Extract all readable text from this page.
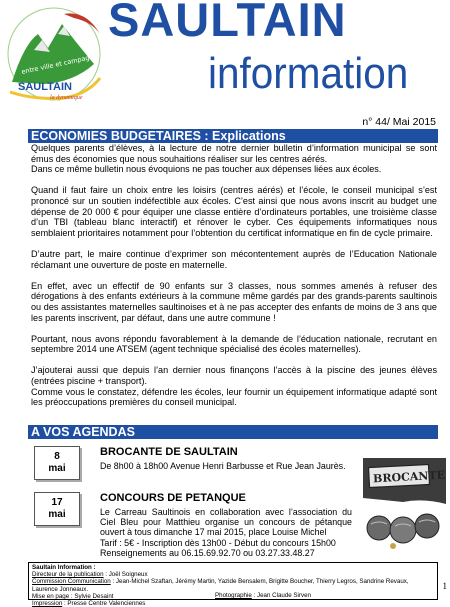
entre ville et campagne
SAULTAIN
la dynamique
SAULTAIN
information
n° 44/ Mai 2015
ECONOMIES BUDGETAIRES : Explications

Quelques parents d’élèves, à la lecture de notre dernier bulletin d’information municipal se sont émus des économies que nous souhaitions réaliser sur les centres aérés.
Dans ce même bulletin nous évoquions ne pas toucher aux dépenses liées aux écoles.

Quand il faut faire un choix entre les loisirs (centres aérés) et l’école, le conseil municipal s’est prononcé sur un soutien indéfectible aux écoles. C’est ainsi que nous avons inscrit au budget une dépense de 20 000 € pour équiper une classe entière d’ordinateurs portables, une troisième classe d’un TBI (tableau blanc interactif) et rénover le cyber. Ces équipements informatiques nous semblaient prioritaires notamment pour l’obtention du certificat informatique en fin de cycle primaire.

D’autre part, le maire continue d’exprimer son mécontentement auprès de l’Education Nationale réclamant une ouverture de poste en maternelle.

En effet, avec un effectif de 90 enfants sur 3 classes, nous sommes amenés à refuser des dérogations à des enfants extérieurs à la commune même gardés par des grands-parents saultinois ou des assistantes maternelles saultinoises et à ne pas accepter des enfants de moins de 3 ans que les parents inscrivent, par défaut, dans une autre commune !

Pourtant, nous avons répondu favorablement à la demande de l’éducation nationale, recrutant en septembre 2014 une ATSEM (agent technique spécialisé des écoles maternelles).

J’ajouterai aussi que depuis l’an dernier nous finançons l’accès à la piscine des jeunes élèves (entrées piscine + transport).
Comme vous le constatez, défendre les écoles, leur fournir un équipement informatique adapté sont les préoccupations premières du conseil municipal.

A VOS AGENDAS
8
mai
BROCANTE DE SAULTAIN
De 8h00 à 18h00 Avenue Henri Barbusse et Rue Jean Jaurès.
17
mai
CONCOURS DE PETANQUE
Le Carreau Saultinois en collaboration avec l’association du Ciel Bleu pour Matthieu organise un concours de pétanque ouvert à tous dimanche 17 mai 2015, place Louise Michel
Tarif : 5€ - Inscription dès 13h00 - Début du concours 15h00
Renseignements au 06.15.69.92.70 ou 03.27.33.48.27
BROCANTE
Saultain Information :
Directeur de la publication : Joël Soigneux
Commission Communication : Jean-Michel Szaftan, Jérémy Martin, Yazide Bensalem, Brigitte Boucher, Thierry Legros, Sandrine Revaux, Laurence Jonneaux.
Mise en page : Sylvie Desaint	Photographie : Jean Claude Sirven
Impression : Presse Centre Valenciennes
1
